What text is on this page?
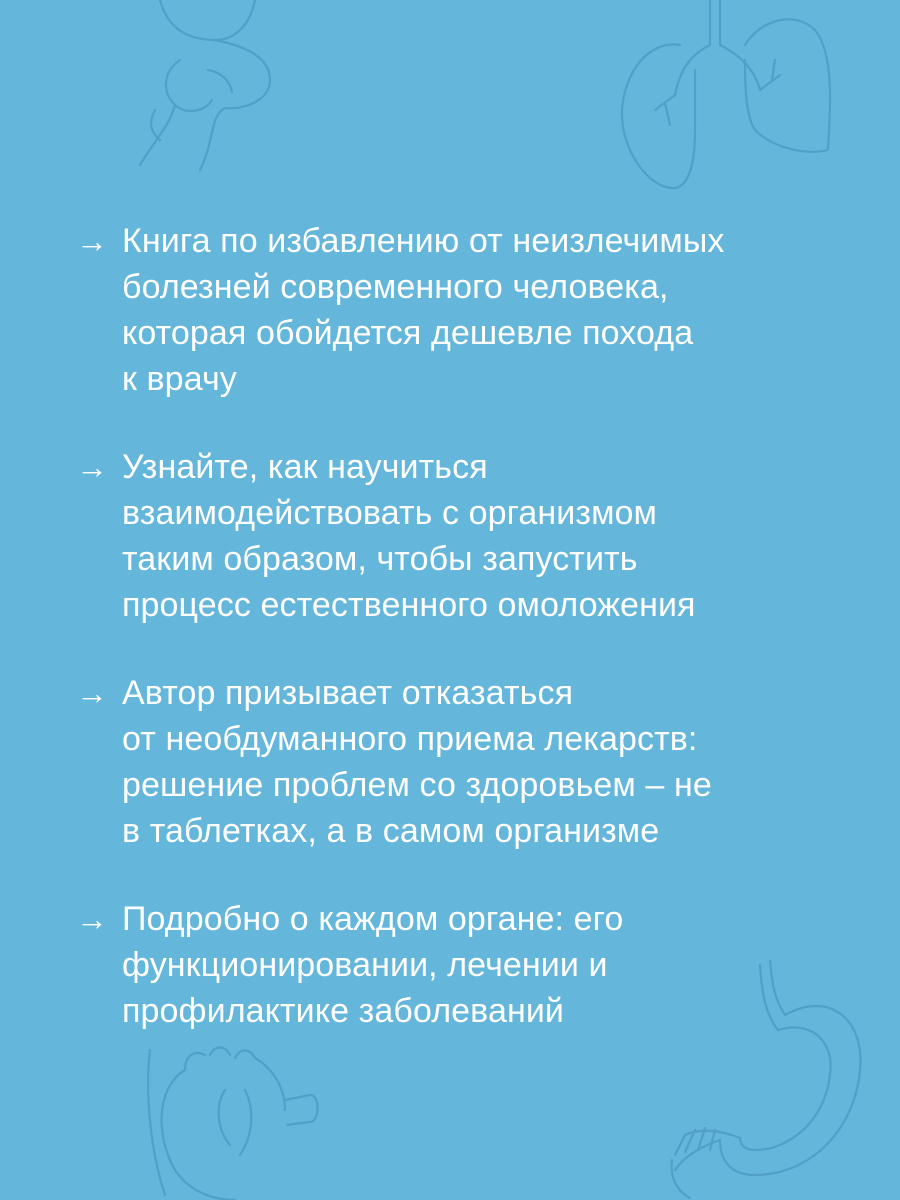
→ Книга по избавлению от неизлечимых
болезней современного человека,
которая обойдется дешевле похода
к врачу
→ Узнайте, как научиться
взаимодействовать с организмом
таким образом, чтобы запустить
процесс естественного омоложения
→ Автор призывает отказаться
от необдуманного приема лекарств:
решение проблем со здоровьем – не
в таблетках, а в самом организме
→ Подробно о каждом органе: его
функционировании, лечении и
профилактике заболеваний
